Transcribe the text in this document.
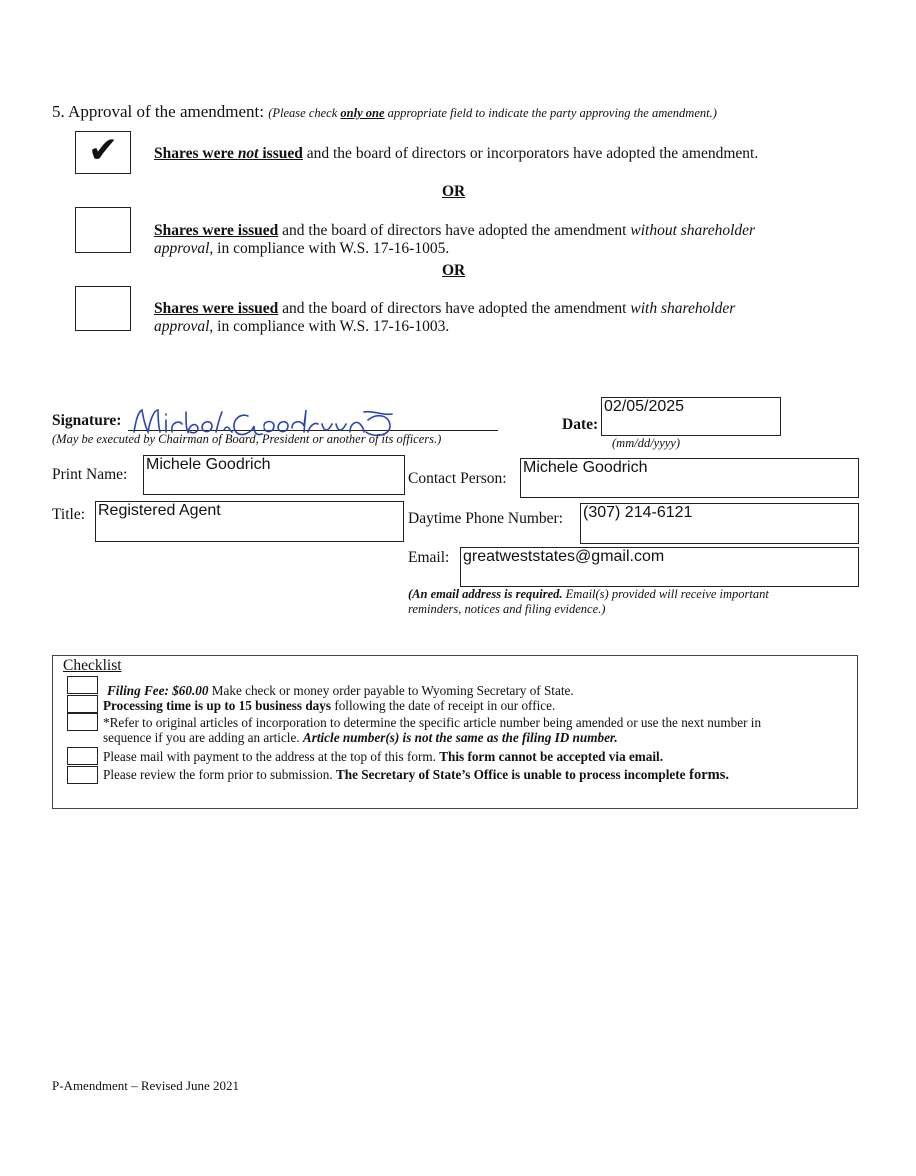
5. Approval of the amendment: (Please check only one appropriate field to indicate the party approving the amendment.)
✔ Shares were not issued and the board of directors or incorporators have adopted the amendment.
OR
Shares were issued and the board of directors have adopted the amendment without shareholder
approval, in compliance with W.S. 17-16-1005.
OR
Shares were issued and the board of directors have adopted the amendment with shareholder
approval, in compliance with W.S. 17-16-1003.
Signature:
(May be executed by Chairman of Board, President or another of its officers.)
Date:
02/05/2025
(mm/dd/yyyy)
Print Name:
Michele Goodrich
Contact Person:
Michele Goodrich
Title: Registered Agent	Daytime Phone Number: (307) 214-6121
Email: greatweststates@gmail.com
(An email address is required. Email(s) provided will receive important
reminders, notices and filing evidence.)
Checklist
Filing Fee: $60.00 Make check or money order payable to Wyoming Secretary of State.
Processing time is up to 15 business days following the date of receipt in our office.
*Refer to original articles of incorporation to determine the specific article number being amended or use the next number in
sequence if you are adding an article. Article number(s) is not the same as the filing ID number.
Please mail with payment to the address at the top of this form. This form cannot be accepted via email.
Please review the form prior to submission. The Secretary of State’s Office is unable to process incomplete forms.
P-Amendment – Revised June 2021
